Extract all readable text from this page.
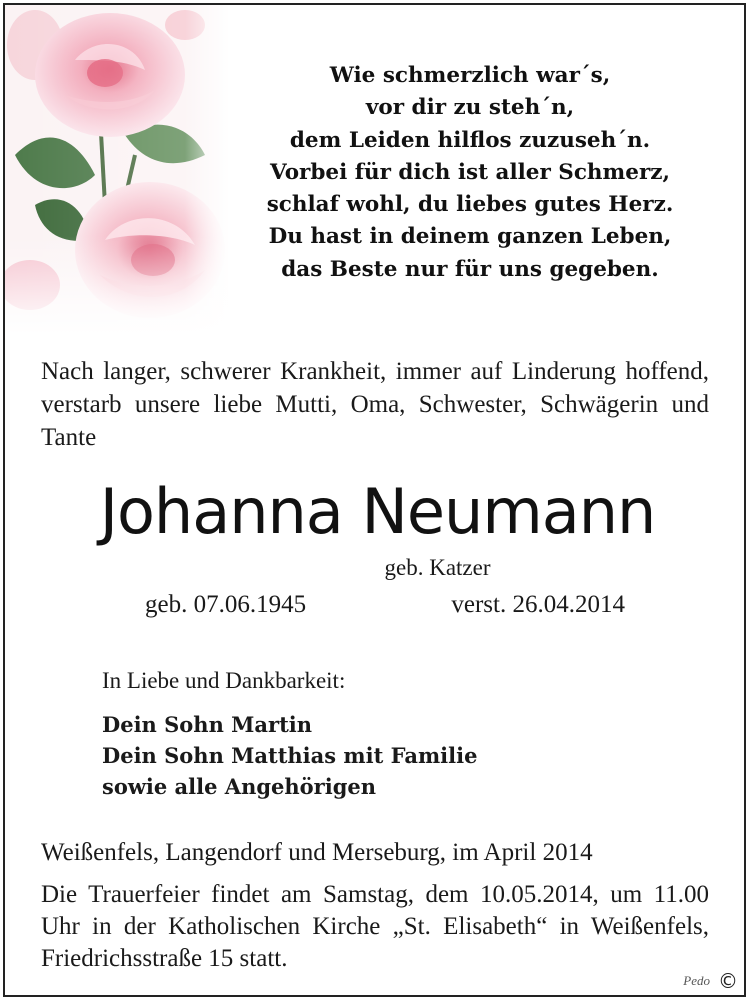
Wie schmerzlich war´s,
vor dir zu steh´n,
dem Leiden hilflos zuzuseh´n.
Vorbei für dich ist aller Schmerz,
schlaf wohl, du liebes gutes Herz.
Du hast in deinem ganzen Leben,
das Beste nur für uns gegeben.
Nach langer, schwerer Krankheit, immer auf Linderung hoffend, verstarb unsere liebe Mutti, Oma, Schwester, Schwägerin und Tante
Johanna Neumann
geb. Katzer
geb. 07.06.1945	verst. 26.04.2014
In Liebe und Dankbarkeit:
Dein Sohn Martin
Dein Sohn Matthias mit Familie
sowie alle Angehörigen
Weißenfels, Langendorf und Merseburg, im April 2014
Die Trauerfeier findet am Samstag, dem 10.05.2014, um 11.00 Uhr in der Katholischen Kirche „St. Elisabeth“ in Weißenfels, Friedrichsstraße 15 statt.
Pedo ©
